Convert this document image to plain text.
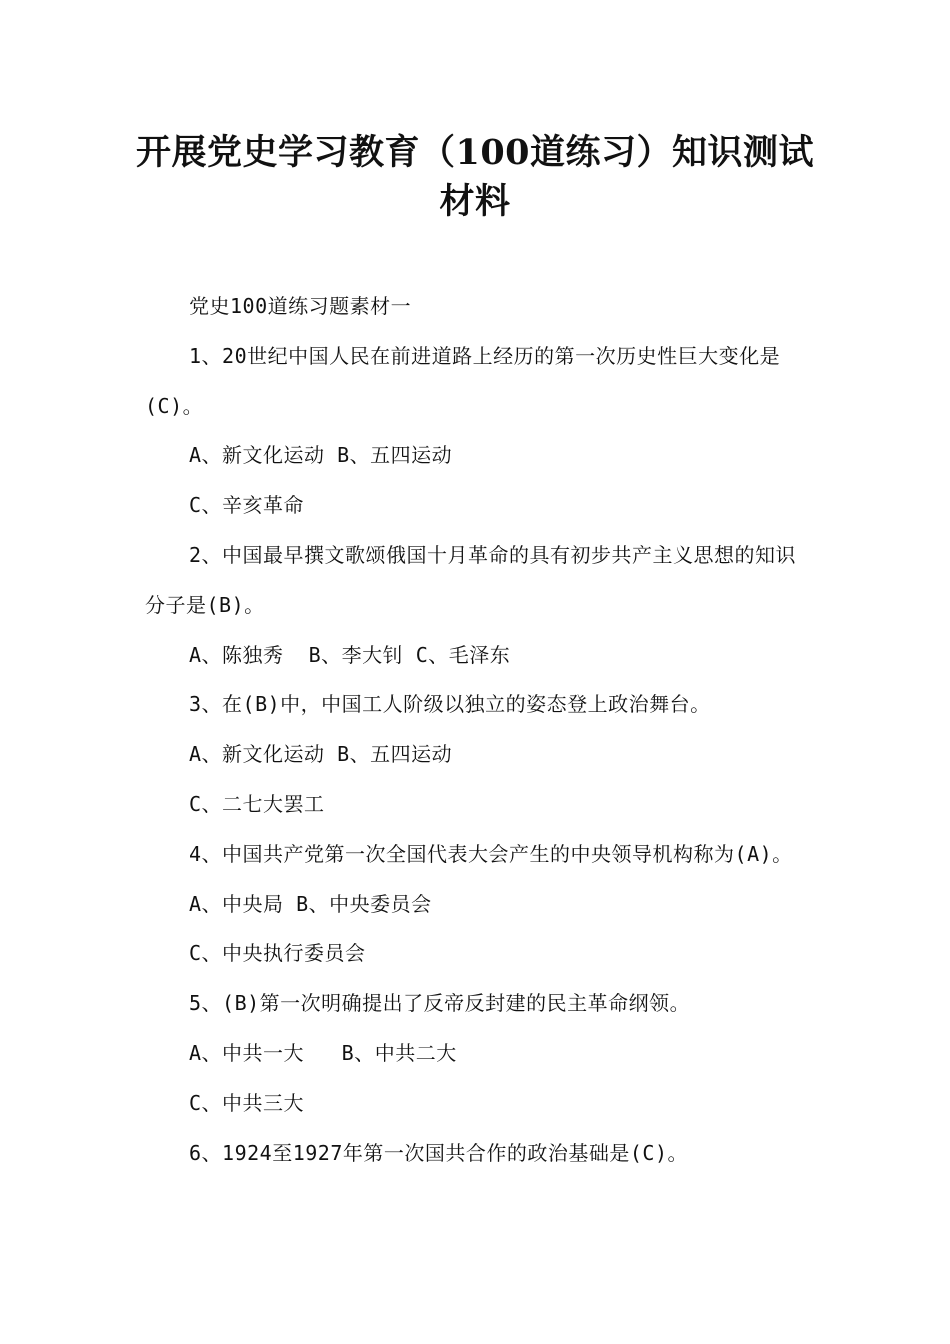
开展党史学习教育（100道练习）知识测试
材料

党史100道练习题素材一

1、20世纪中国人民在前进道路上经历的第一次历史性巨大变化是(C)。

A、新文化运动 B、五四运动

C、辛亥革命

2、中国最早撰文歌颂俄国十月革命的具有初步共产主义思想的知识分子是(B)。

A、陈独秀  B、李大钊 C、毛泽东

3、在(B)中，中国工人阶级以独立的姿态登上政治舞台。

A、新文化运动 B、五四运动

C、二七大罢工

4、中国共产党第一次全国代表大会产生的中央领导机构称为(A)。

A、中央局 B、中央委员会

C、中央执行委员会

5、(B)第一次明确提出了反帝反封建的民主革命纲领。

A、中共一大   B、中共二大

C、中共三大

6、1924至1927年第一次国共合作的政治基础是(C)。
